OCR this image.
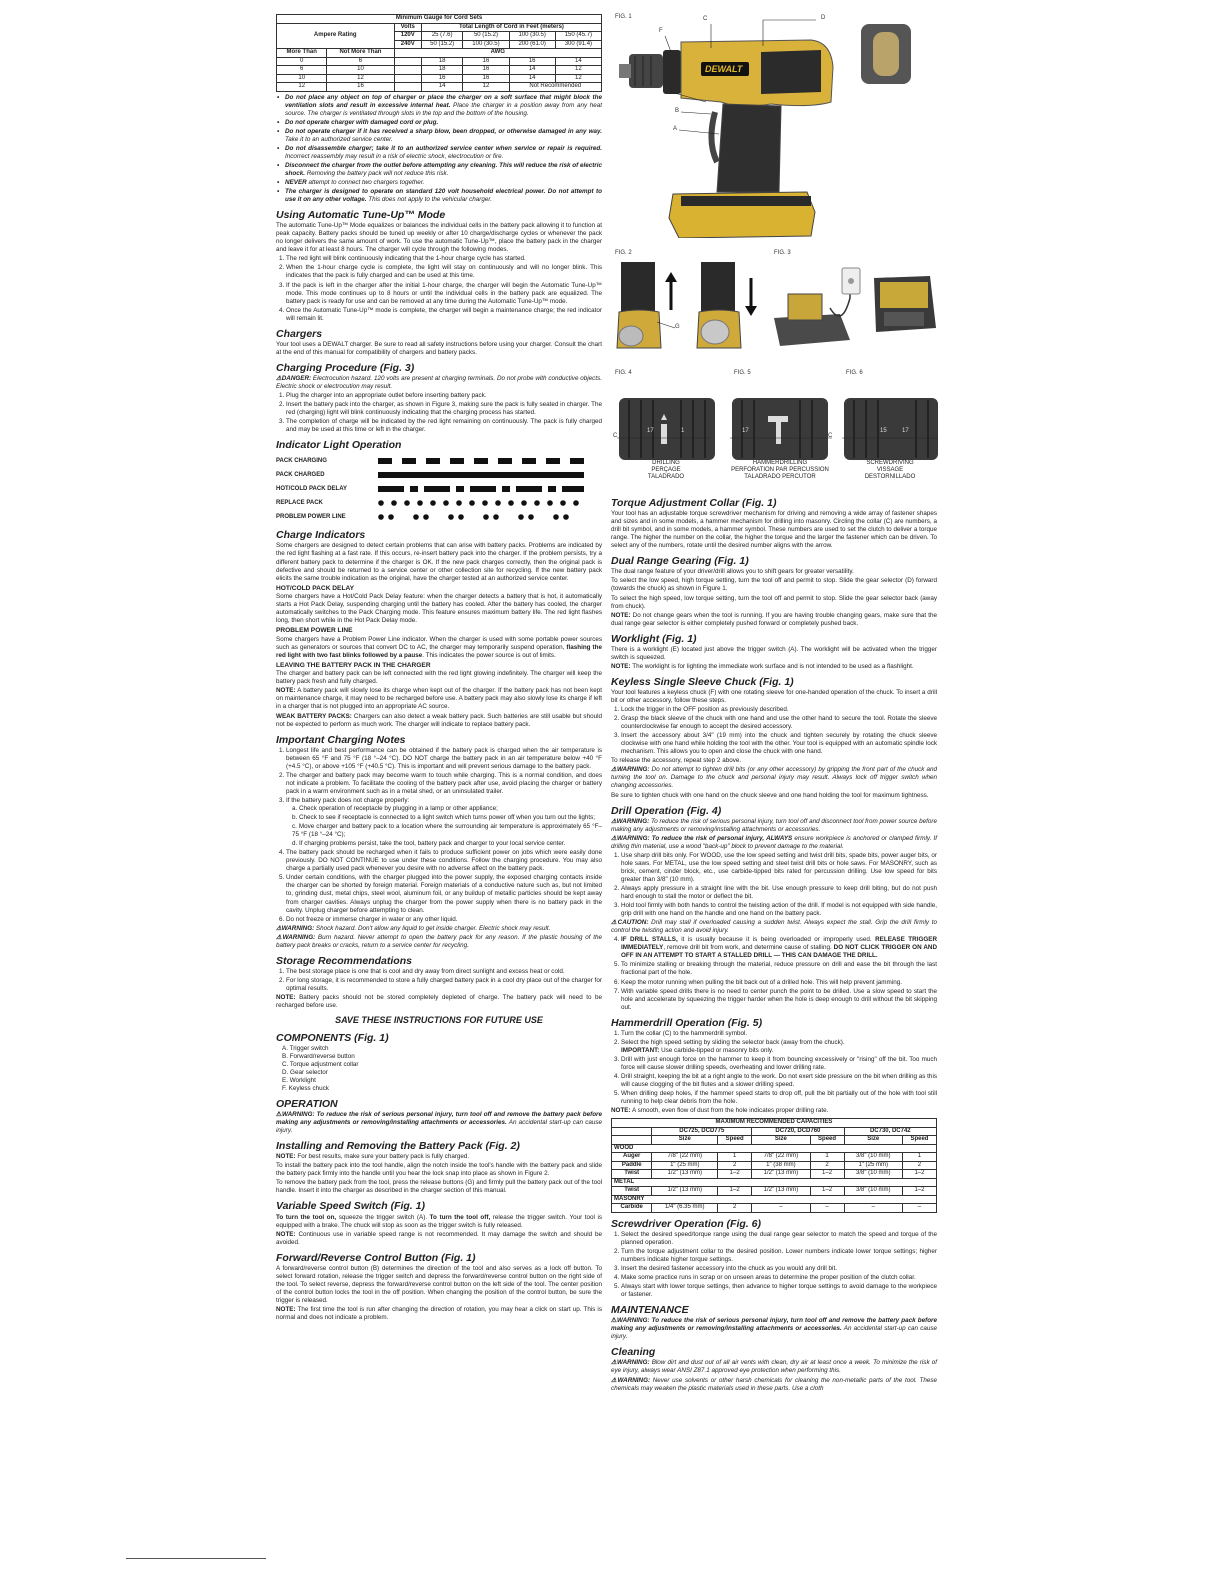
Minimum Gauge for Cord Sets						
Ampere Rating		Volts	Total Length of Cord in Feet (meters)			
		120V	25 (7.6)	50 (15.2)	100 (30.5)	150 (45.7)
		240V	50 (15.2)	100 (30.5)	200 (61.0)	300 (91.4)
More Than	Not More Than	AWG				
0	6		18	16	16	14
6	10		18	16	14	12
10	12		16	16	14	12
12	16		14	12	Not Recommended	
• Do not place any object on top of charger or place the charger on a soft surface that might block the ventilation slots and result in excessive internal heat. Place the charger in a position away from any heat source. The charger is ventilated through slots in the top and the bottom of the housing.
• Do not operate charger with damaged cord or plug.
• Do not operate charger if it has received a sharp blow, been dropped, or otherwise damaged in any way. Take it to an authorized service center.
• Do not disassemble charger; take it to an authorized service center when service or repair is required. Incorrect reassembly may result in a risk of electric shock, electrocution or fire.
• Disconnect the charger from the outlet before attempting any cleaning. This will reduce the risk of electric shock. Removing the battery pack will not reduce this risk.
• NEVER attempt to connect two chargers together.
• The charger is designed to operate on standard 120 volt household electrical power. Do not attempt to use it on any other voltage. This does not apply to the vehicular charger.
Using Automatic Tune-Up™ Mode

The automatic Tune-Up™ Mode equalizes or balances the individual cells in the battery pack allowing it to function at peak capacity. Battery packs should be tuned up weekly or after 10 charge/discharge cycles or whenever the pack no longer delivers the same amount of work. To use the automatic Tune-Up™, place the battery pack in the charger and leave it for at least 8 hours. The charger will cycle through the following modes.

1. The red light will blink continuously indicating that the 1-hour charge cycle has started.
2. When the 1-hour charge cycle is complete, the light will stay on continuously and will no longer blink. This indicates that the pack is fully charged and can be used at this time.
3. If the pack is left in the charger after the initial 1-hour charge, the charger will begin the Automatic Tune-Up™ mode. This mode continues up to 8 hours or until the individual cells in the battery pack are equalized. The battery pack is ready for use and can be removed at any time during the Automatic Tune-Up™ mode.
4. Once the Automatic Tune-Up™ mode is complete, the charger will begin a maintenance charge; the red indicator will remain lit.
Chargers

Your tool uses a DEWALT charger. Be sure to read all safety instructions before using your charger. Consult the chart at the end of this manual for compatibility of chargers and battery packs.

Charging Procedure (Fig. 3)

⚠DANGER: Electrocution hazard. 120 volts are present at charging terminals. Do not probe with conductive objects. Electric shock or electrocution may result.

1. Plug the charger into an appropriate outlet before inserting battery pack.
2. Insert the battery pack into the charger, as shown in Figure 3, making sure the pack is fully seated in charger. The red (charging) light will blink continuously indicating that the charging process has started.
3. The completion of charge will be indicated by the red light remaining on continuously. The pack is fully charged and may be used at this time or left in the charger.
Indicator Light Operation
PACK CHARGING
PACK CHARGED
HOT/COLD PACK DELAY
REPLACE PACK
PROBLEM POWER LINE
Charge Indicators

Some chargers are designed to detect certain problems that can arise with battery packs. Problems are indicated by the red light flashing at a fast rate. If this occurs, re-insert battery pack into the charger. If the problem persists, try a different battery pack to determine if the charger is OK. If the new pack charges correctly, then the original pack is defective and should be returned to a service center or other collection site for recycling. If the new battery pack elicits the same trouble indication as the original, have the charger tested at an authorized service center.

HOT/COLD PACK DELAY

Some chargers have a Hot/Cold Pack Delay feature: when the charger detects a battery that is hot, it automatically starts a Hot Pack Delay, suspending charging until the battery has cooled. After the battery has cooled, the charger automatically switches to the Pack Charging mode. This feature ensures maximum battery life. The red light flashes long, then short while in the Hot Pack Delay mode.

PROBLEM POWER LINE

Some chargers have a Problem Power Line indicator. When the charger is used with some portable power sources such as generators or sources that convert DC to AC, the charger may temporarily suspend operation, flashing the red light with two fast blinks followed by a pause. This indicates the power source is out of limits.

LEAVING THE BATTERY PACK IN THE CHARGER

The charger and battery pack can be left connected with the red light glowing indefinitely. The charger will keep the battery pack fresh and fully charged.

NOTE: A battery pack will slowly lose its charge when kept out of the charger. If the battery pack has not been kept on maintenance charge, it may need to be recharged before use. A battery pack may also slowly lose its charge if left in a charger that is not plugged into an appropriate AC source.

WEAK BATTERY PACKS: Chargers can also detect a weak battery pack. Such batteries are still usable but should not be expected to perform as much work. The charger will indicate to replace battery pack.

Important Charging Notes
1. Longest life and best performance can be obtained if the battery pack is charged when the air temperature is between 65 °F and 75 °F (18 °–24 °C). DO NOT charge the battery pack in an air temperature below +40 °F (+4.5 °C), or above +105 °F (+40.5 °C). This is important and will prevent serious damage to the battery pack.
2. The charger and battery pack may become warm to touch while charging. This is a normal condition, and does not indicate a problem. To facilitate the cooling of the battery pack after use, avoid placing the charger or battery pack in a warm environment such as in a metal shed, or an uninsulated trailer.
3. If the battery pack does not charge properly:
a. Check operation of receptacle by plugging in a lamp or other appliance;
b. Check to see if receptacle is connected to a light switch which turns power off when you turn out the lights;
c. Move charger and battery pack to a location where the surrounding air temperature is approximately 65 °F–75 °F (18 °–24 °C);
d. If charging problems persist, take the tool, battery pack and charger to your local service center.
4. The battery pack should be recharged when it fails to produce sufficient power on jobs which were easily done previously. DO NOT CONTINUE to use under these conditions. Follow the charging procedure. You may also charge a partially used pack whenever you desire with no adverse affect on the battery pack.
5. Under certain conditions, with the charger plugged into the power supply, the exposed charging contacts inside the charger can be shorted by foreign material. Foreign materials of a conductive nature such as, but not limited to, grinding dust, metal chips, steel wool, aluminum foil, or any buildup of metallic particles should be kept away from charger cavities. Always unplug the charger from the power supply when there is no battery pack in the cavity. Unplug charger before attempting to clean.
6. Do not freeze or immerse charger in water or any other liquid.

⚠WARNING: Shock hazard. Don't allow any liquid to get inside charger. Electric shock may result.

⚠WARNING: Burn hazard. Never attempt to open the battery pack for any reason. If the plastic housing of the battery pack breaks or cracks, return to a service center for recycling.

Storage Recommendations
1. The best storage place is one that is cool and dry away from direct sunlight and excess heat or cold.
2. For long storage, it is recommended to store a fully charged battery pack in a cool dry place out of the charger for optimal results.

NOTE: Battery packs should not be stored completely depleted of charge. The battery pack will need to be recharged before use.

SAVE THESE INSTRUCTIONS FOR FUTURE USE
COMPONENTS (Fig. 1)
A. Trigger switch
B. Forward/reverse button
C. Torque adjustment collar
D. Gear selector
E. Worklight
F. Keyless chuck
OPERATION

⚠WARNING: To reduce the risk of serious personal injury, turn tool off and remove the battery pack before making any adjustments or removing/installing attachments or accessories. An accidental start-up can cause injury.

Installing and Removing the Battery Pack (Fig. 2)

NOTE: For best results, make sure your battery pack is fully charged.

To install the battery pack into the tool handle, align the notch inside the tool's handle with the battery pack and slide the battery pack firmly into the handle until you hear the lock snap into place as shown in Figure 2.

To remove the battery pack from the tool, press the release buttons (G) and firmly pull the battery pack out of the tool handle. Insert it into the charger as described in the charger section of this manual.

Variable Speed Switch (Fig. 1)

To turn the tool on, squeeze the trigger switch (A). To turn the tool off, release the trigger switch. Your tool is equipped with a brake. The chuck will stop as soon as the trigger switch is fully released.

NOTE: Continuous use in variable speed range is not recommended. It may damage the switch and should be avoided.

Forward/Reverse Control Button (Fig. 1)

A forward/reverse control button (B) determines the direction of the tool and also serves as a lock off button. To select forward rotation, release the trigger switch and depress the forward/reverse control button on the right side of the tool. To select reverse, depress the forward/reverse control button on the left side of the tool. The center position of the control button locks the tool in the off position. When changing the position of the control button, be sure the trigger is released.

NOTE: The first time the tool is run after changing the direction of rotation, you may hear a click on start up. This is normal and does not indicate a problem.

FIG. 1	C	D
F
E
B
A
DEWALT
FIG. 2
G
FIG. 3
FIG. 4
C
17	1
DRILLING
PERÇAGE
TALADRADO
FIG. 5
17
C
HAMMERDRILLING
PERFORATION PAR PERCUSSION
TALADRADO PERCUTOR
FIG. 6
15	17
SCREWDRIVING
VISSAGE
DESTORNILLADO
Torque Adjustment Collar (Fig. 1)

Your tool has an adjustable torque screwdriver mechanism for driving and removing a wide array of fastener shapes and sizes and in some models, a hammer mechanism for drilling into masonry. Circling the collar (C) are numbers, a drill bit symbol, and in some models, a hammer symbol. These numbers are used to set the clutch to deliver a torque range. The higher the number on the collar, the higher the torque and the larger the fastener which can be driven. To select any of the numbers, rotate until the desired number aligns with the arrow.

Dual Range Gearing (Fig. 1)

The dual range feature of your driver/drill allows you to shift gears for greater versatility.

To select the low speed, high torque setting, turn the tool off and permit to stop. Slide the gear selector (D) forward (towards the chuck) as shown in Figure 1.

To select the high speed, low torque setting, turn the tool off and permit to stop. Slide the gear selector back (away from chuck).

NOTE: Do not change gears when the tool is running. If you are having trouble changing gears, make sure that the dual range gear selector is either completely pushed forward or completely pushed back.

Worklight (Fig. 1)

There is a worklight (E) located just above the trigger switch (A). The worklight will be activated when the trigger switch is squeezed.

NOTE: The worklight is for lighting the immediate work surface and is not intended to be used as a flashlight.

Keyless Single Sleeve Chuck (Fig. 1)

Your tool features a keyless chuck (F) with one rotating sleeve for one-handed operation of the chuck. To insert a drill bit or other accessory, follow these steps.

1. Lock the trigger in the OFF position as previously described.
2. Grasp the black sleeve of the chuck with one hand and use the other hand to secure the tool. Rotate the sleeve counterclockwise far enough to accept the desired accessory.
3. Insert the accessory about 3/4" (19 mm) into the chuck and tighten securely by rotating the chuck sleeve clockwise with one hand while holding the tool with the other. Your tool is equipped with an automatic spindle lock mechanism. This allows you to open and close the chuck with one hand.

To release the accessory, repeat step 2 above.

⚠WARNING: Do not attempt to tighten drill bits (or any other accessory) by gripping the front part of the chuck and turning the tool on. Damage to the chuck and personal injury may result. Always lock off trigger switch when changing accessories.

Be sure to tighten chuck with one hand on the chuck sleeve and one hand holding the tool for maximum tightness.

Drill Operation (Fig. 4)

⚠WARNING: To reduce the risk of serious personal injury, turn tool off and disconnect tool from power source before making any adjustments or removing/installing attachments or accessories.

⚠WARNING: To reduce the risk of personal injury, ALWAYS ensure workpiece is anchored or clamped firmly. If drilling thin material, use a wood "back-up" block to prevent damage to the material.

1. Use sharp drill bits only. For WOOD, use the low speed setting and twist drill bits, spade bits, power auger bits, or hole saws. For METAL, use the low speed setting and steel twist drill bits or hole saws. For MASONRY, such as brick, cement, cinder block, etc., use carbide-tipped bits rated for percussion drilling. Use low speed for bits greater than 3/8" (10 mm).
2. Always apply pressure in a straight line with the bit. Use enough pressure to keep drill biting, but do not push hard enough to stall the motor or deflect the bit.
3. Hold tool firmly with both hands to control the twisting action of the drill. If model is not equipped with side handle, grip drill with one hand on the handle and one hand on the battery pack.

⚠CAUTION: Drill may stall if overloaded causing a sudden twist. Always expect the stall. Grip the drill firmly to control the twisting action and avoid injury.

4. IF DRILL STALLS, it is usually because it is being overloaded or improperly used. RELEASE TRIGGER IMMEDIATELY, remove drill bit from work, and determine cause of stalling. DO NOT CLICK TRIGGER ON AND OFF IN AN ATTEMPT TO START A STALLED DRILL — THIS CAN DAMAGE THE DRILL.
5. To minimize stalling or breaking through the material, reduce pressure on drill and ease the bit through the last fractional part of the hole.
6. Keep the motor running when pulling the bit back out of a drilled hole. This will help prevent jamming.
7. With variable speed drills there is no need to center punch the point to be drilled. Use a slow speed to start the hole and accelerate by squeezing the trigger harder when the hole is deep enough to drill without the bit skipping out.
Hammerdrill Operation (Fig. 5)
1. Turn the collar (C) to the hammerdrill symbol.
2. Select the high speed setting by sliding the selector back (away from the chuck).
IMPORTANT: Use carbide-tipped or masonry bits only.
3. Drill with just enough force on the hammer to keep it from bouncing excessively or "rising" off the bit. Too much force will cause slower drilling speeds, overheating and lower drilling rate.
4. Drill straight, keeping the bit at a right angle to the work. Do not exert side pressure on the bit when drilling as this will cause clogging of the bit flutes and a slower drilling speed.
5. When drilling deep holes, if the hammer speed starts to drop off, pull the bit partially out of the hole with tool still running to help clear debris from the hole.

NOTE: A smooth, even flow of dust from the hole indicates proper drilling rate.

MAXIMUM RECOMMENDED CAPACITIES						
	DC725, DCD775		DC720, DCD760		DC730, DC742	
	Size	Speed	Size	Speed	Size	Speed
WOOD						
Auger	7/8" (22 mm)	1	7/8" (22 mm)	1	3/8" (10 mm)	1
Paddle	1" (25 mm)	2	1" (38 mm)	2	1" (25 mm)	2
Twist	1/2" (13 mm)	1–2	1/2" (13 mm)	1–2	3/8" (10 mm)	1–2
METAL						
Twist	1/2" (13 mm)	1–2	1/2" (13 mm)	1–2	3/8" (10 mm)	1–2
MASONRY						
Carbide	1/4" (6.35 mm)	2	–	–	–	–
Screwdriver Operation (Fig. 6)
1. Select the desired speed/torque range using the dual range gear selector to match the speed and torque of the planned operation.
2. Turn the torque adjustment collar to the desired position. Lower numbers indicate lower torque settings; higher numbers indicate higher torque settings.
3. Insert the desired fastener accessory into the chuck as you would any drill bit.
4. Make some practice runs in scrap or on unseen areas to determine the proper position of the clutch collar.
5. Always start with lower torque settings, then advance to higher torque settings to avoid damage to the workpiece or fastener.
MAINTENANCE

⚠WARNING: To reduce the risk of serious personal injury, turn tool off and remove the battery pack before making any adjustments or removing/installing attachments or accessories. An accidental start-up can cause injury.

Cleaning

⚠WARNING: Blow dirt and dust out of all air vents with clean, dry air at least once a week. To minimize the risk of eye injury, always wear ANSI Z87.1 approved eye protection when performing this.

⚠WARNING: Never use solvents or other harsh chemicals for cleaning the non-metallic parts of the tool. These chemicals may weaken the plastic materials used in these parts. Use a cloth
